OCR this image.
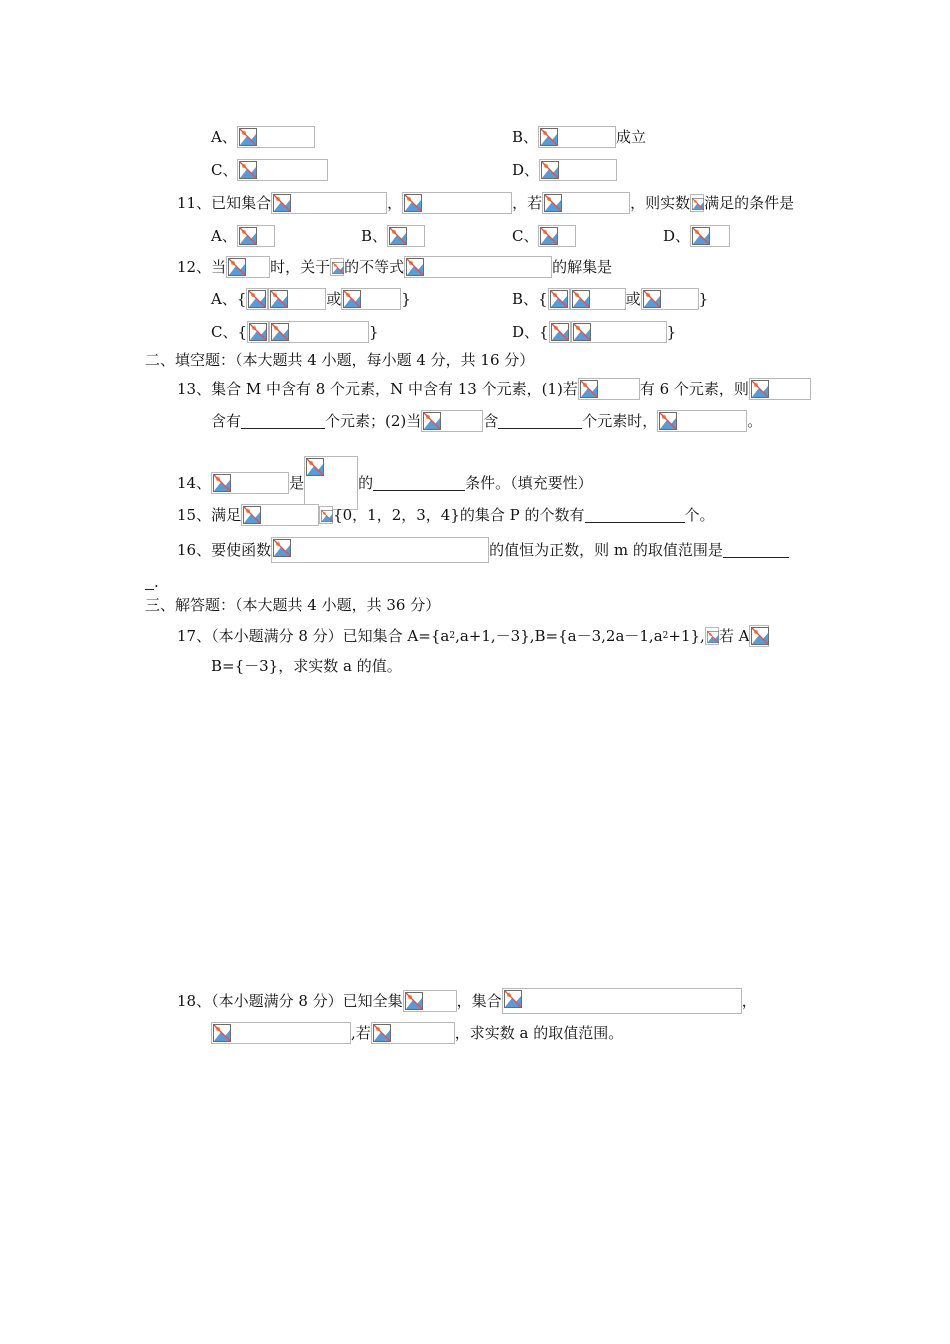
A、	B、	成立
C、	D、
11、已知集合	，	，若	，则实数 满足的条件是
A、	B、	C、	D、
12、当	时，关于 的不等式	的解集是
A、{	或	}	B、{	或	}
C、{	}	D、{	}
二、填空题：（本大题共 4 小题，每小题 4 分，共 16 分）
13、集合 M 中含有 8 个元素，N 中含有 13 个元素，(1)若	有 6 个元素，则
含有	个元素；(2)当	含	个元素时，	。
14、	是	的	条件。（填充要性）
15、满足	{0，1，2，3，4}的集合 P 的个数有	个。
16、要使函数	的值恒为正数，则 m 的取值范围是
.
三、解答题：（本大题共 4 小题，共 36 分）
17、（本小题满分 8 分）已知集合 A={a 2 ,a+1,－3},B={a－3,2a－1,a 2 +1}, 若 A
B={－3}，求实数 a 的值。
18、（本小题满分 8 分）已知全集	，集合	，
,若	，求实数 a 的取值范围。
